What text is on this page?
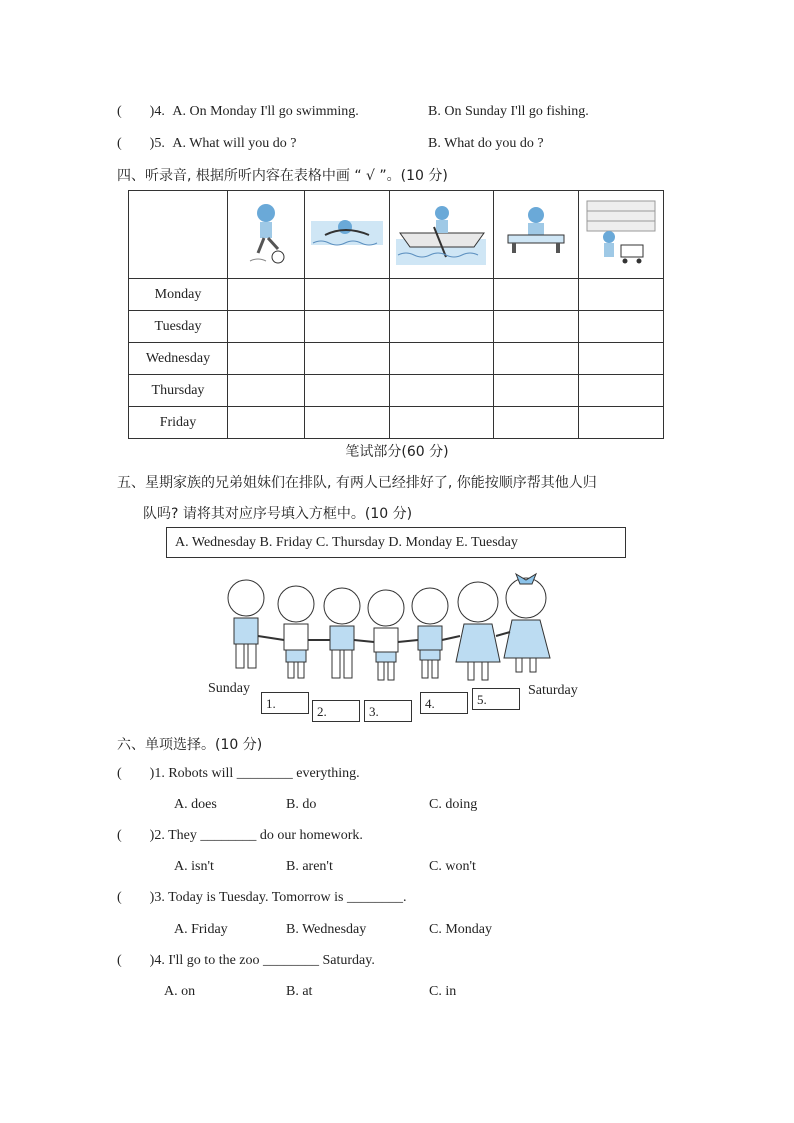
( )4. A. On Monday I'll go swimming.	B. On Sunday I'll go fishing.
( )5. A. What will you do ?	B. What do you do ?
四、听录音, 根据所听内容在表格中画 “ √ ”。(10 分)

Monday					
Tuesday					
Wednesday					
Thursday					
Friday					
笔试部分(60 分)
五、星期家族的兄弟姐妹们在排队, 有两人已经排好了, 你能按顺序帮其他人归
队吗? 请将其对应序号填入方框中。(10 分)
A. Wednesday B. Friday C. Thursday D. Monday E. Tuesday
Sunday	Saturday
1.
2.	3.
4.	5.
六、单项选择。(10 分)
( )1. Robots will ________ everything.
A. does	B. do	C. doing
( )2. They ________ do our homework.
A. isn't	B. aren't	C. won't
( )3. Today is Tuesday. Tomorrow is ________.
A. Friday	B. Wednesday	C. Monday
( )4. I'll go to the zoo ________ Saturday.
A. on	B. at	C. in
